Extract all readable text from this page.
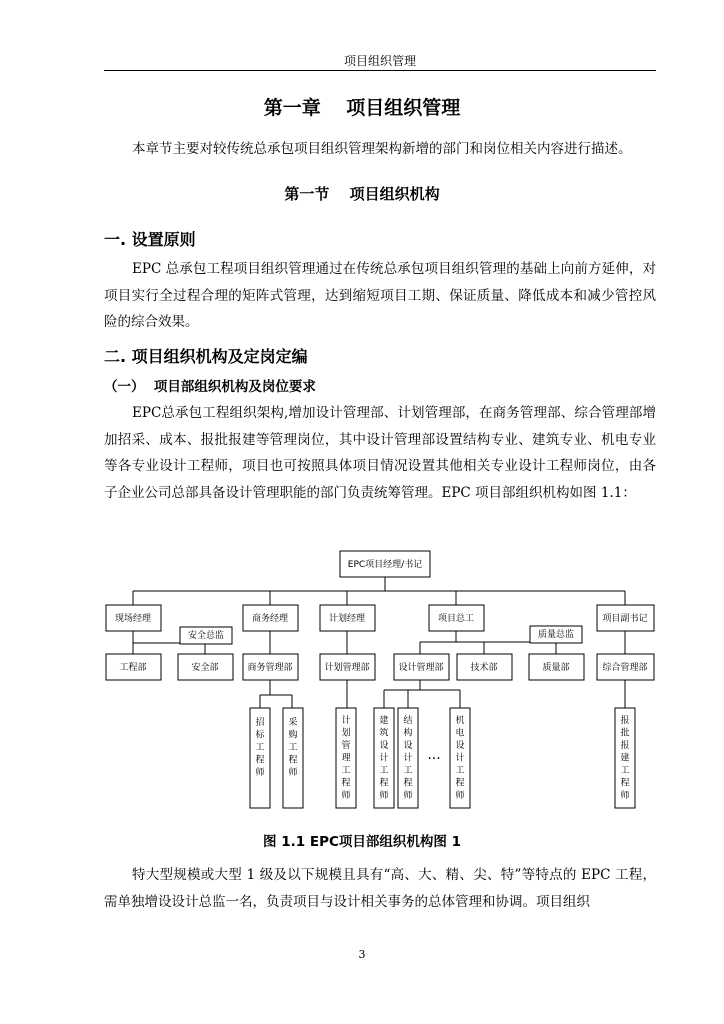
项目组织管理
第一章　 项目组织管理

本章节主要对较传统总承包项目组织管理架构新增的部门和岗位相关内容进行描述。

第一节　 项目组织机构
一. 设置原则

EPC 总承包工程项目组织管理通过在传统总承包项目组织管理的基础上向前方延伸，对项目实行全过程合理的矩阵式管理，达到缩短项目工期、保证质量、降低成本和减少管控风险的综合效果。

二. 项目组织机构及定岗定编
（一）  项目部组织机构及岗位要求

EPC总承包工程组织架构,增加设计管理部、计划管理部，在商务管理部、综合管理部增加招采、成本、报批报建等管理岗位，其中设计管理部设置结构专业、建筑专业、机电专业等各专业设计工程师，项目也可按照具体项目情况设置其他相关专业设计工程师岗位，由各子企业公司总部具备设计管理职能的部门负责统筹管理。EPC 项目部组织机构如图 1.1：

EPC项目经理/书记
现场经理	商务经理	计划经理	项目总工	项目副书记
安全总监	质量总监
工程部	安全部	商务管理部	计划管理部	设计管理部	技术部	质量部	综合管理部
招标工程师
采购工程师
计划管理工程师
建筑设计工程师
结构设计工程师
机电设计工程师
报批报建工程师
···
图 1.1 EPC项目部组织机构图 1

特大型规模或大型 1 级及以下规模且具有“高、大、精、尖、特”等特点的 EPC 工程，需单独增设设计总监一名，负责项目与设计相关事务的总体管理和协调。项目组织

3
